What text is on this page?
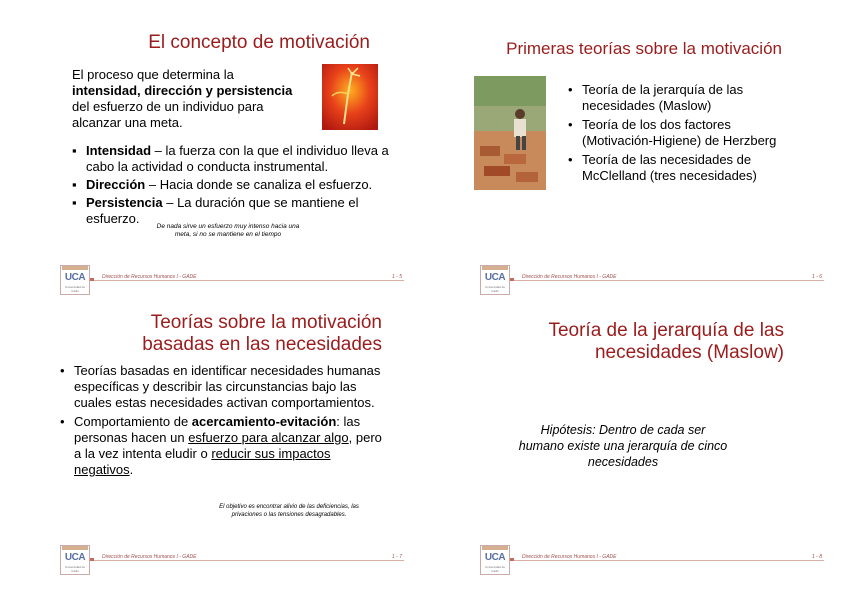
El concepto de motivación
El proceso que determina la
intensidad, dirección y persistencia del esfuerzo de un individuo para alcanzar una meta.
▪ Intensidad – la fuerza con la que el individuo lleva a cabo la actividad o conducta instrumental.
▪ Dirección – Hacia donde se canaliza el esfuerzo.
▪ Persistencia – La duración que se mantiene el esfuerzo.
De nada sirve un esfuerzo muy intenso hacia una meta, si no se mantiene en el tiempo
UCA
Universidad de Cádiz
Dirección de Recursos Humanos I - GADE	1 - 5
Primeras teorías sobre la motivación
• Teoría de la jerarquía de las necesidades (Maslow)
• Teoría de los dos factores (Motivación-Higiene) de Herzberg
• Teoría de las necesidades de McClelland (tres necesidades)
UCA
Universidad de Cádiz
Dirección de Recursos Humanos I - GADE	1 - 6
Teorías sobre la motivación
basadas en las necesidades
• Teorías basadas en identificar necesidades humanas específicas y describir las circunstancias bajo las cuales estas necesidades activan comportamientos.
• Comportamiento de acercamiento-evitación: las personas hacen un esfuerzo para alcanzar algo, pero a la vez intenta eludir o reducir sus impactos negativos.
El objetivo es encontrar alivio de las deficiencias, las privaciones o las tensiones desagradables.
UCA
Universidad de Cádiz
Dirección de Recursos Humanos I - GADE	1 - 7
Teoría de la jerarquía de las
necesidades (Maslow)
Hipótesis: Dentro de cada ser humano existe una jerarquía de cinco necesidades
UCA
Universidad de Cádiz
Dirección de Recursos Humanos I - GADE	1 - 8
